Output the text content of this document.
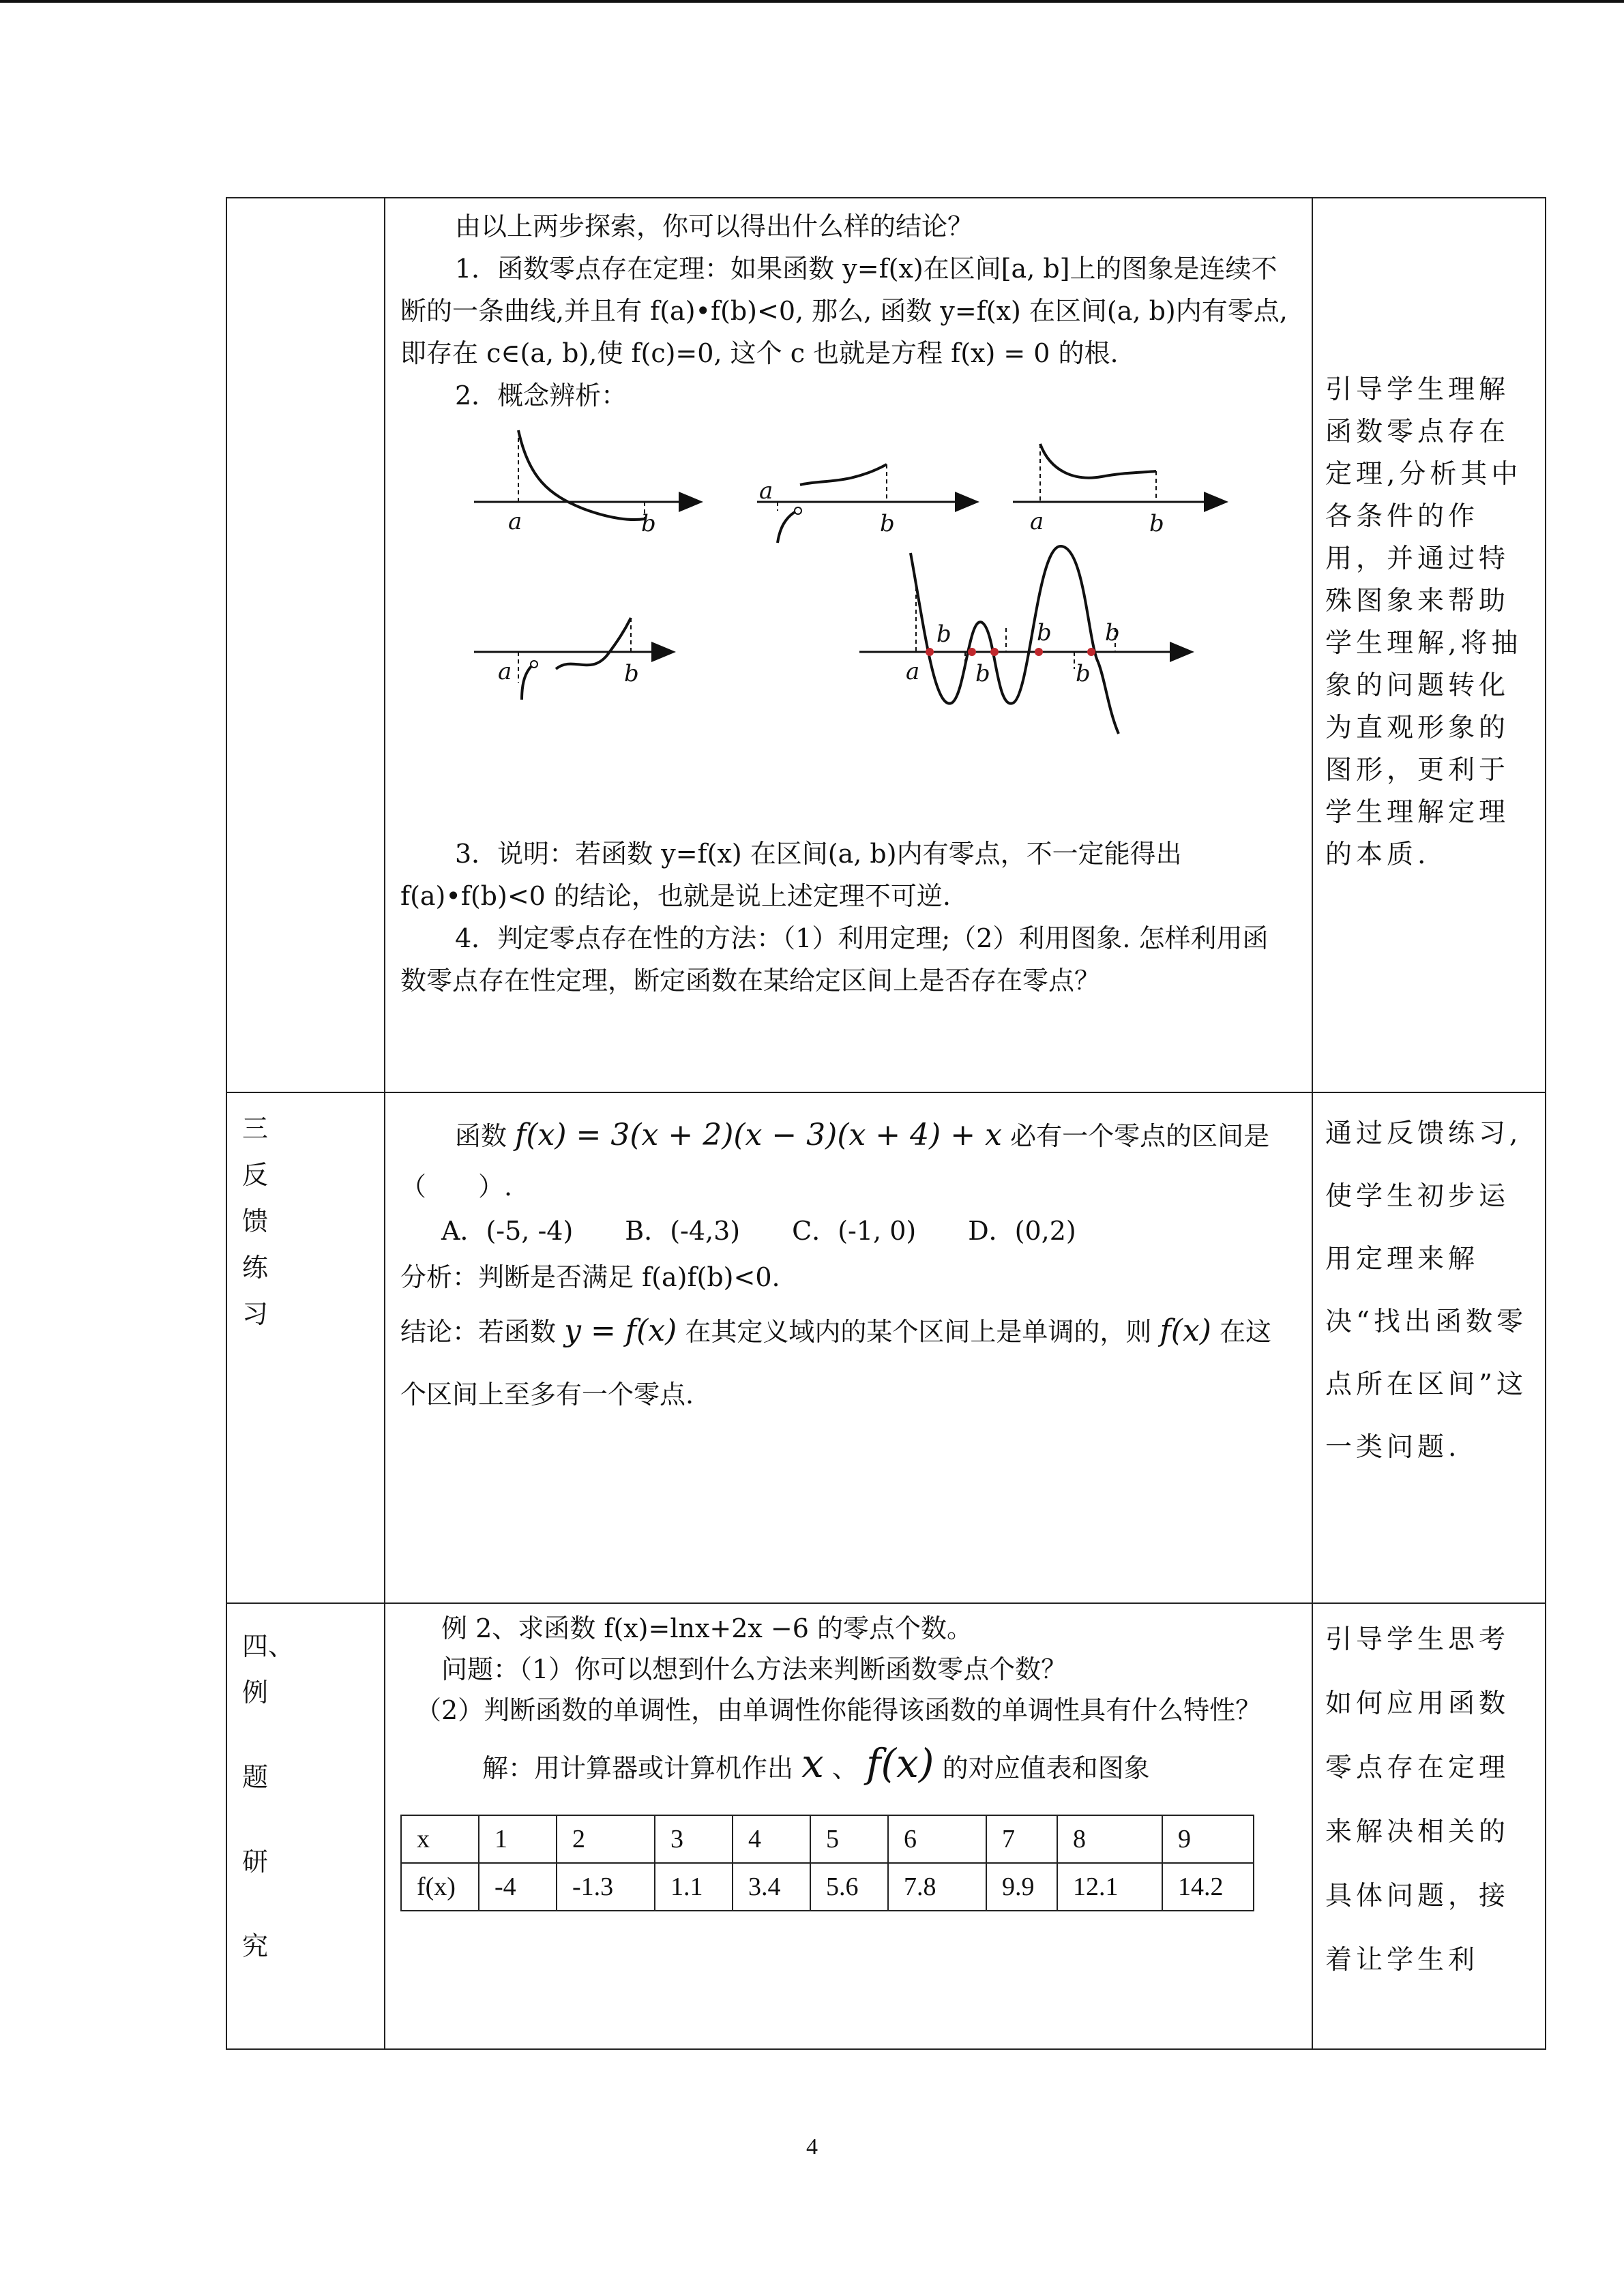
由以上两步探索，你可以得出什么样的结论？
1．函数零点存在定理：如果函数 y=f(x)在区间[a, b]上的图象是连续不断的一条曲线,并且有 f(a)•f(b)<0, 那么, 函数 y=f(x) 在区间(a, b)内有零点, 即存在 c∈(a, b),使 f(c)=0, 这个 c 也就是方程 f(x) = 0 的根.
2．概念辨析：
a	b
a
b	a	b
a	b	a
b
b
b
b
b
3．说明：若函数 y=f(x) 在区间(a, b)内有零点，不一定能得出 f(a)•f(b)<0 的结论，也就是说上述定理不可逆.
4．判定零点存在性的方法：（1）利用定理;（2）利用图象. 怎样利用函数零点存在性定理，断定函数在某给定区间上是否存在零点？

引导学生理解函数零点存在定理,分析其中各条件的作用，并通过特殊图象来帮助学生理解,将抽象的问题转化为直观形象的图形，更利于学生理解定理的本质.

三
反
馈
练
习

函数 f(x) = 3(x + 2)(x − 3)(x + 4) + x 必有一个零点的区间是
（　　）.
A．(-5, -4)　　B．(-4,3)　　C．(-1, 0)　　D．(0,2)
分析：判断是否满足 f(a)f(b)<0.
结论：若函数 y = f(x) 在其定义域内的某个区间上是单调的，则 f(x) 在这个区间上至多有一个零点.

通过反馈练习,使学生初步运用定理来解决“找出函数零点所在区间”这一类问题.

四、
例
题
研
究

例 2、求函数 f(x)=lnx+2x −6 的零点个数。
问题：（1）你可以想到什么方法来判断函数零点个数？
（2）判断函数的单调性，由单调性你能得该函数的单调性具有什么特性？
解：用计算器或计算机作出 x 、 f(x) 的对应值表和图象
x	1	2	3	4	5	6	7	8	9
f(x)	-4	-1.3	1.1	3.4	5.6	7.8	9.9	12.1	14.2

引导学生思考如何应用函数零点存在定理来解决相关的具体问题，接着让学生利
4
